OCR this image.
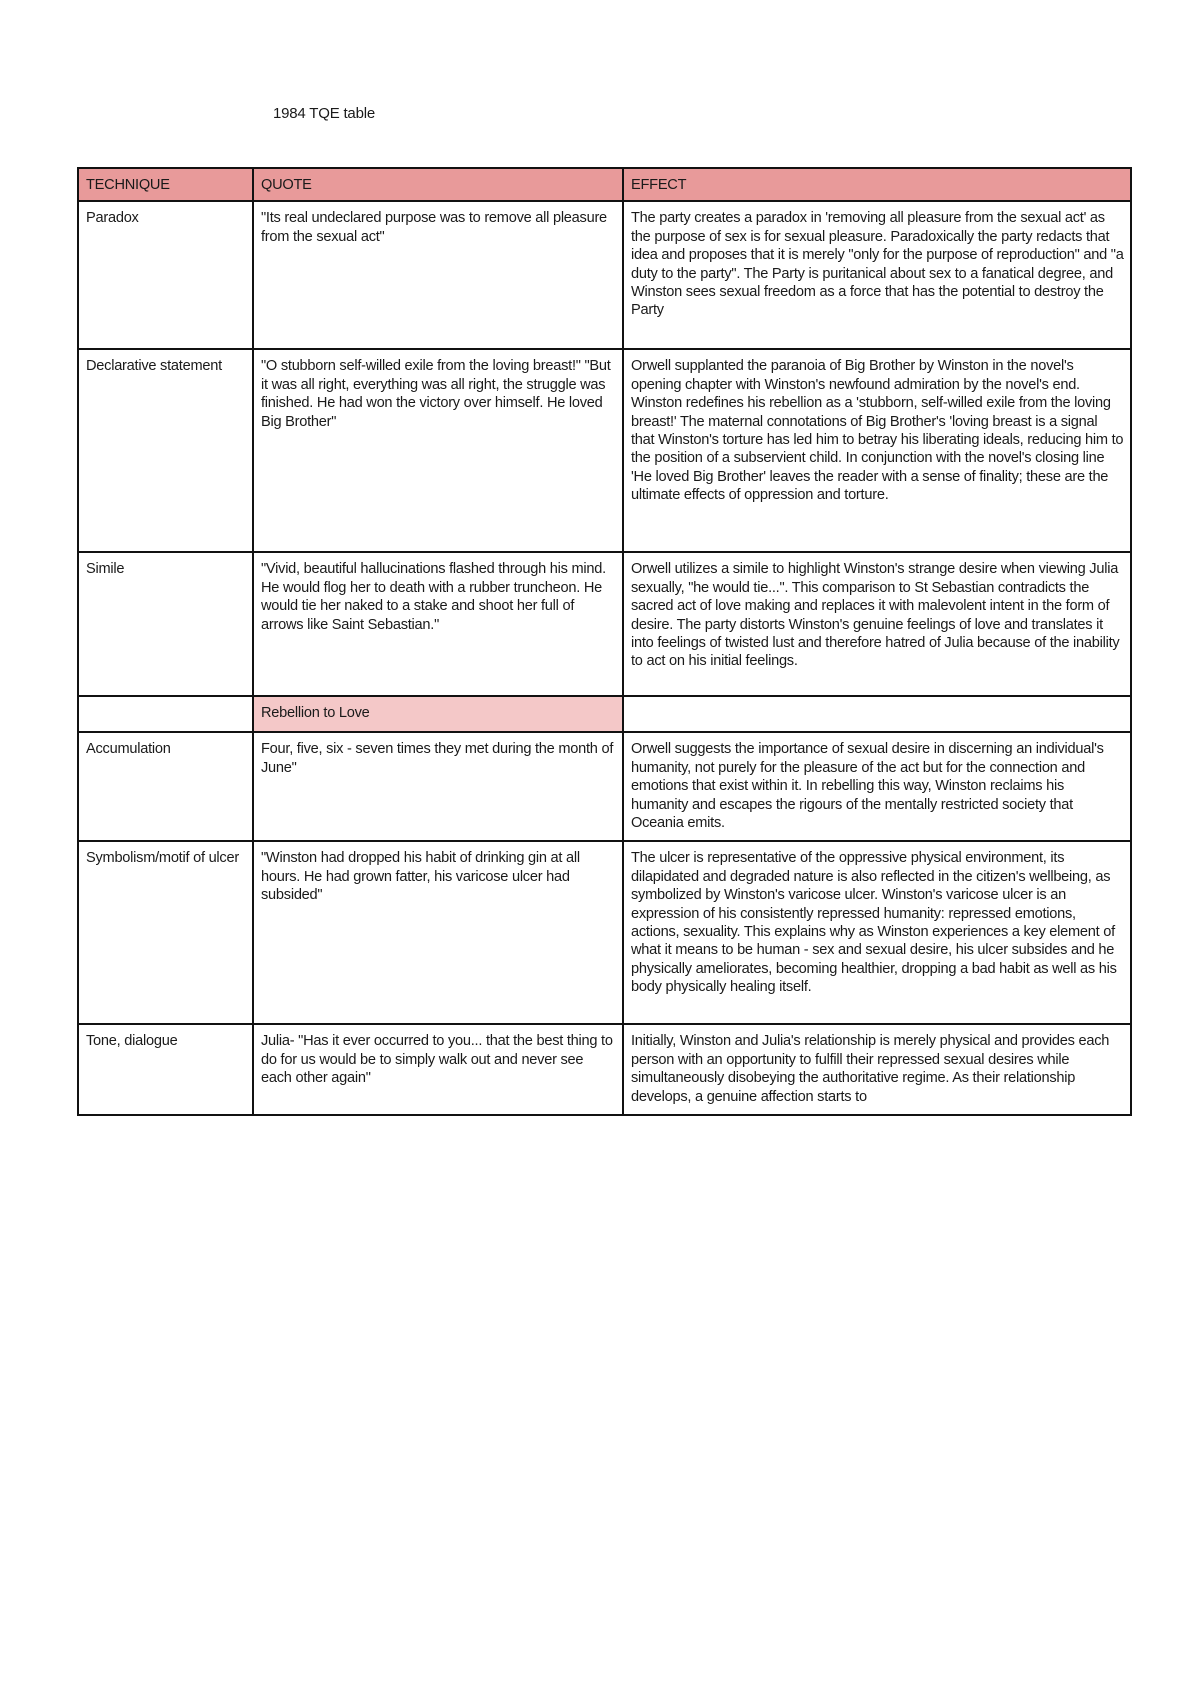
1984 TQE table
TECHNIQUE	QUOTE	EFFECT
Paradox	"Its real undeclared purpose was to remove all pleasure from the sexual act"	The party creates a paradox in 'removing all pleasure from the sexual act' as the purpose of sex is for sexual pleasure. Paradoxically the party redacts that idea and proposes that it is merely "only for the purpose of reproduction" and "a duty to the party". The Party is puritanical about sex to a fanatical degree, and Winston sees sexual freedom as a force that has the potential to destroy the Party
Declarative statement	"O stubborn self-willed exile from the loving breast!" "But it was all right, everything was all right, the struggle was finished. He had won the victory over himself. He loved Big Brother"	Orwell supplanted the paranoia of Big Brother by Winston in the novel's opening chapter with Winston's newfound admiration by the novel's end. Winston redefines his rebellion as a 'stubborn, self-willed exile from the loving breast!' The maternal connotations of Big Brother's 'loving breast is a signal that Winston's torture has led him to betray his liberating ideals, reducing him to the position of a subservient child. In conjunction with the novel's closing line 'He loved Big Brother' leaves the reader with a sense of finality; these are the ultimate effects of oppression and torture.
Simile	"Vivid, beautiful hallucinations flashed through his mind. He would flog her to death with a rubber truncheon. He would tie her naked to a stake and shoot her full of arrows like Saint Sebastian."	Orwell utilizes a simile to highlight Winston's strange desire when viewing Julia sexually, "he would tie...". This comparison to St Sebastian contradicts the sacred act of love making and replaces it with malevolent intent in the form of desire. The party distorts Winston's genuine feelings of love and translates it into feelings of twisted lust and therefore hatred of Julia because of the inability to act on his initial feelings.
	Rebellion to Love	
Accumulation	Four, five, six - seven times they met during the month of June"	Orwell suggests the importance of sexual desire in discerning an individual's humanity, not purely for the pleasure of the act but for the connection and emotions that exist within it. In rebelling this way, Winston reclaims his humanity and escapes the rigours of the mentally restricted society that Oceania emits.
Symbolism/motif of ulcer	"Winston had dropped his habit of drinking gin at all hours. He had grown fatter, his varicose ulcer had subsided"	The ulcer is representative of the oppressive physical environment, its dilapidated and degraded nature is also reflected in the citizen's wellbeing, as symbolized by Winston's varicose ulcer. Winston's varicose ulcer is an expression of his consistently repressed humanity: repressed emotions, actions, sexuality. This explains why as Winston experiences a key element of what it means to be human - sex and sexual desire, his ulcer subsides and he physically ameliorates, becoming healthier, dropping a bad habit as well as his body physically healing itself.
Tone, dialogue	Julia- "Has it ever occurred to you... that the best thing to do for us would be to simply walk out and never see each other again"	Initially, Winston and Julia's relationship is merely physical and provides each person with an opportunity to fulfill their repressed sexual desires while simultaneously disobeying the authoritative regime. As their relationship develops, a genuine affection starts to
